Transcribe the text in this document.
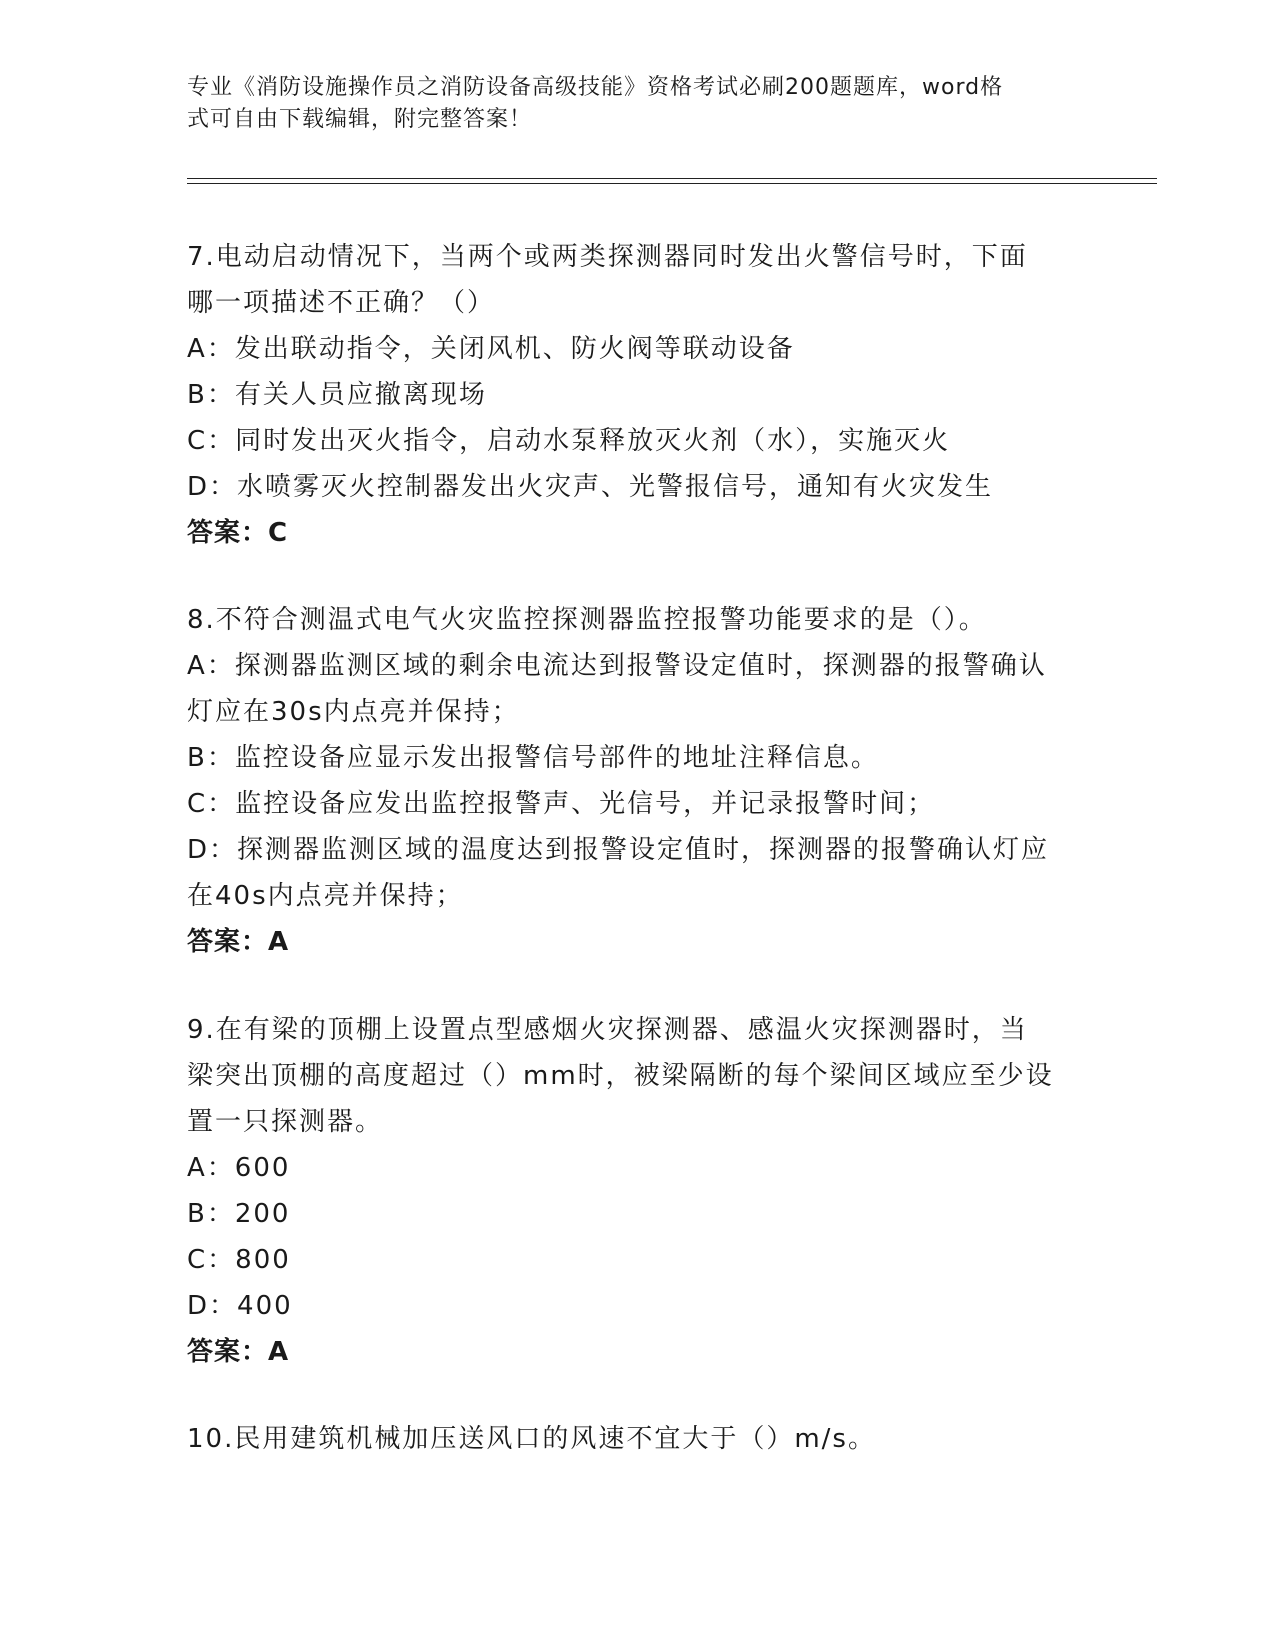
专业《消防设施操作员之消防设备高级技能》资格考试必刷200题题库，word格
式可自由下载编辑，附完整答案！
7.电动启动情况下，当两个或两类探测器同时发出火警信号时，下面
哪一项描述不正确？（）
A：发出联动指令，关闭风机、防火阀等联动设备
B：有关人员应撤离现场
C：同时发出灭火指令，启动水泵释放灭火剂（水），实施灭火
D：水喷雾灭火控制器发出火灾声、光警报信号，通知有火灾发生
答案：C
8.不符合测温式电气火灾监控探测器监控报警功能要求的是（）。
A：探测器监测区域的剩余电流达到报警设定值时，探测器的报警确认
灯应在30s内点亮并保持；
B：监控设备应显示发出报警信号部件的地址注释信息。
C：监控设备应发出监控报警声、光信号，并记录报警时间；
D：探测器监测区域的温度达到报警设定值时，探测器的报警确认灯应
在40s内点亮并保持；
答案：A
9.在有梁的顶棚上设置点型感烟火灾探测器、感温火灾探测器时，当
梁突出顶棚的高度超过（）mm时，被梁隔断的每个梁间区域应至少设
置一只探测器。
A：600
B：200
C：800
D：400
答案：A
10.民用建筑机械加压送风口的风速不宜大于（）m/s。
